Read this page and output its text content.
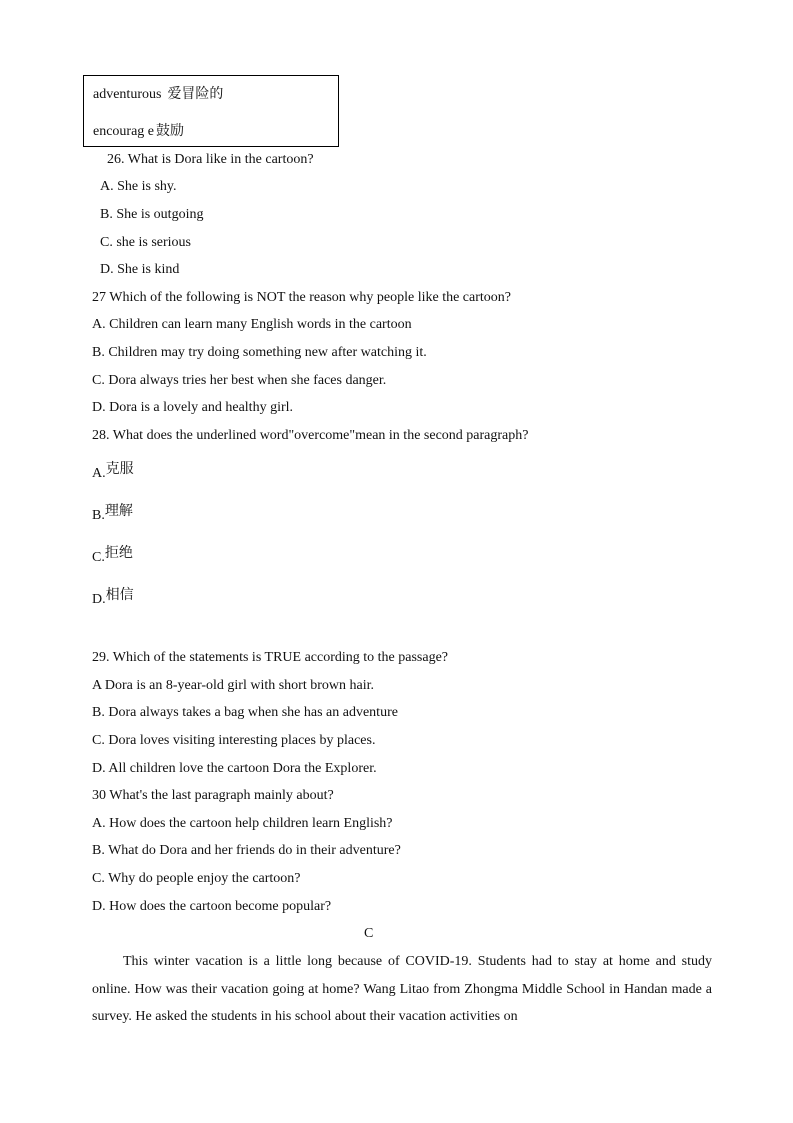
adventurous 爱冒险的
encourag e 鼓励
26. What is Dora like in the cartoon?
A. She is shy.
B. She is outgoing
C. she is serious
D. She is kind
27 Which of the following is NOT the reason why people like the cartoon?
A. Children can learn many English words in the cartoon
B. Children may try doing something new after watching it.
C. Dora always tries her best when she faces danger.
D. Dora is a lovely and healthy girl.
28. What does the underlined word"overcome"mean in the second paragraph?
A.克服
B.理解
C.拒绝
D.相信
29. Which of the statements is TRUE according to the passage?
A Dora is an 8-year-old girl with short brown hair.
B. Dora always takes a bag when she has an adventure
C. Dora loves visiting interesting places by places.
D. All children love the cartoon Dora the Explorer.
30 What's the last paragraph mainly about?
A. How does the cartoon help children learn English?
B. What do Dora and her friends do in their adventure?
C. Why do people enjoy the cartoon?
D. How does the cartoon become popular?
C
This winter vacation is a little long because of COVID-19. Students had to stay at home and study online. How was their vacation going at home? Wang Litao from Zhongma Middle School in Handan made a survey. He asked the students in his school about their vacation activities on
